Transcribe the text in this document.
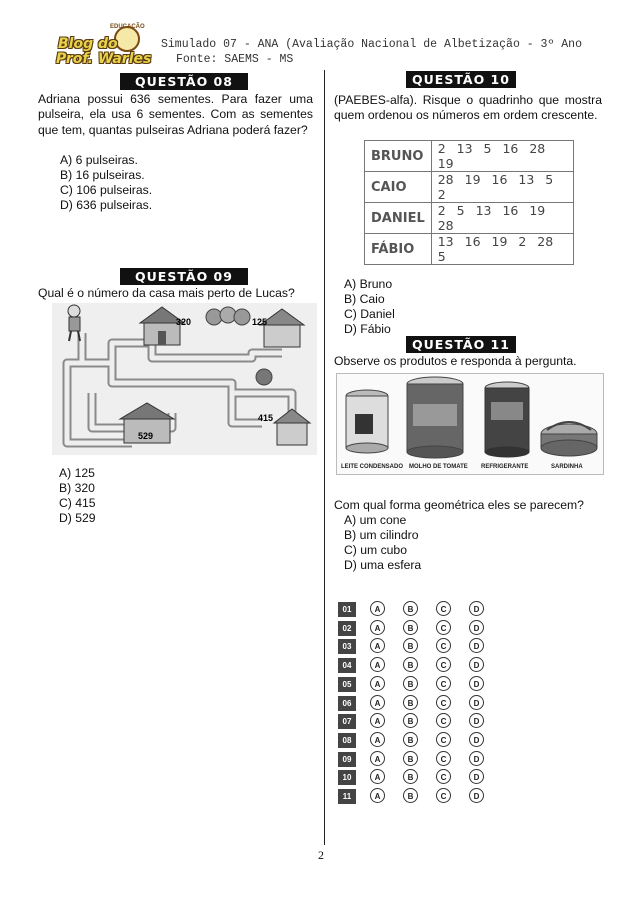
EDUCAÇÃO
Blog do
Prof. Warles
Simulado 07 - ANA (Avaliação Nacional de Albetização - 3º Ano
Fonte: SAEMS - MS
QUESTÃO 08
Adriana possui 636 sementes. Para fazer uma pulseira, ela usa 6 sementes. Com as sementes que tem, quantas pulseiras Adriana poderá fazer?
A) 6 pulseiras.
B) 16 pulseiras.
C) 106 pulseiras.
D) 636 pulseiras.
QUESTÃO 09
Qual é o número da casa mais perto de Lucas?
320	125
415
529
A) 125
B) 320
C) 415
D) 529
QUESTÃO 10
(PAEBES-alfa). Risque o quadrinho que mostra quem ordenou os números em ordem crescente.
BRUNO	2 13 5 16 28 19
CAIO	28 19 16 13 5 2
DANIEL	2 5 13 16 19 28
FÁBIO	13 16 19 2 28 5
A) Bruno
B) Caio
C) Daniel
D) Fábio
QUESTÃO 11
Observe os produtos e responda à pergunta.
LEITE CONDENSADO MOLHO DE TOMATE REFRIGERANTE	SARDINHA
Com qual forma geométrica eles se parecem?
A) um cone
B) um cilindro
C) um cubo
D) uma esfera
01	A	B	C	D
02	A	B	C	D
03	A	B	C	D
04	A	B	C	D
05	A	B	C	D
06	A	B	C	D
07	A	B	C	D
08	A	B	C	D
09	A	B	C	D
10	A	B	C	D
11	A	B	C	D
2
